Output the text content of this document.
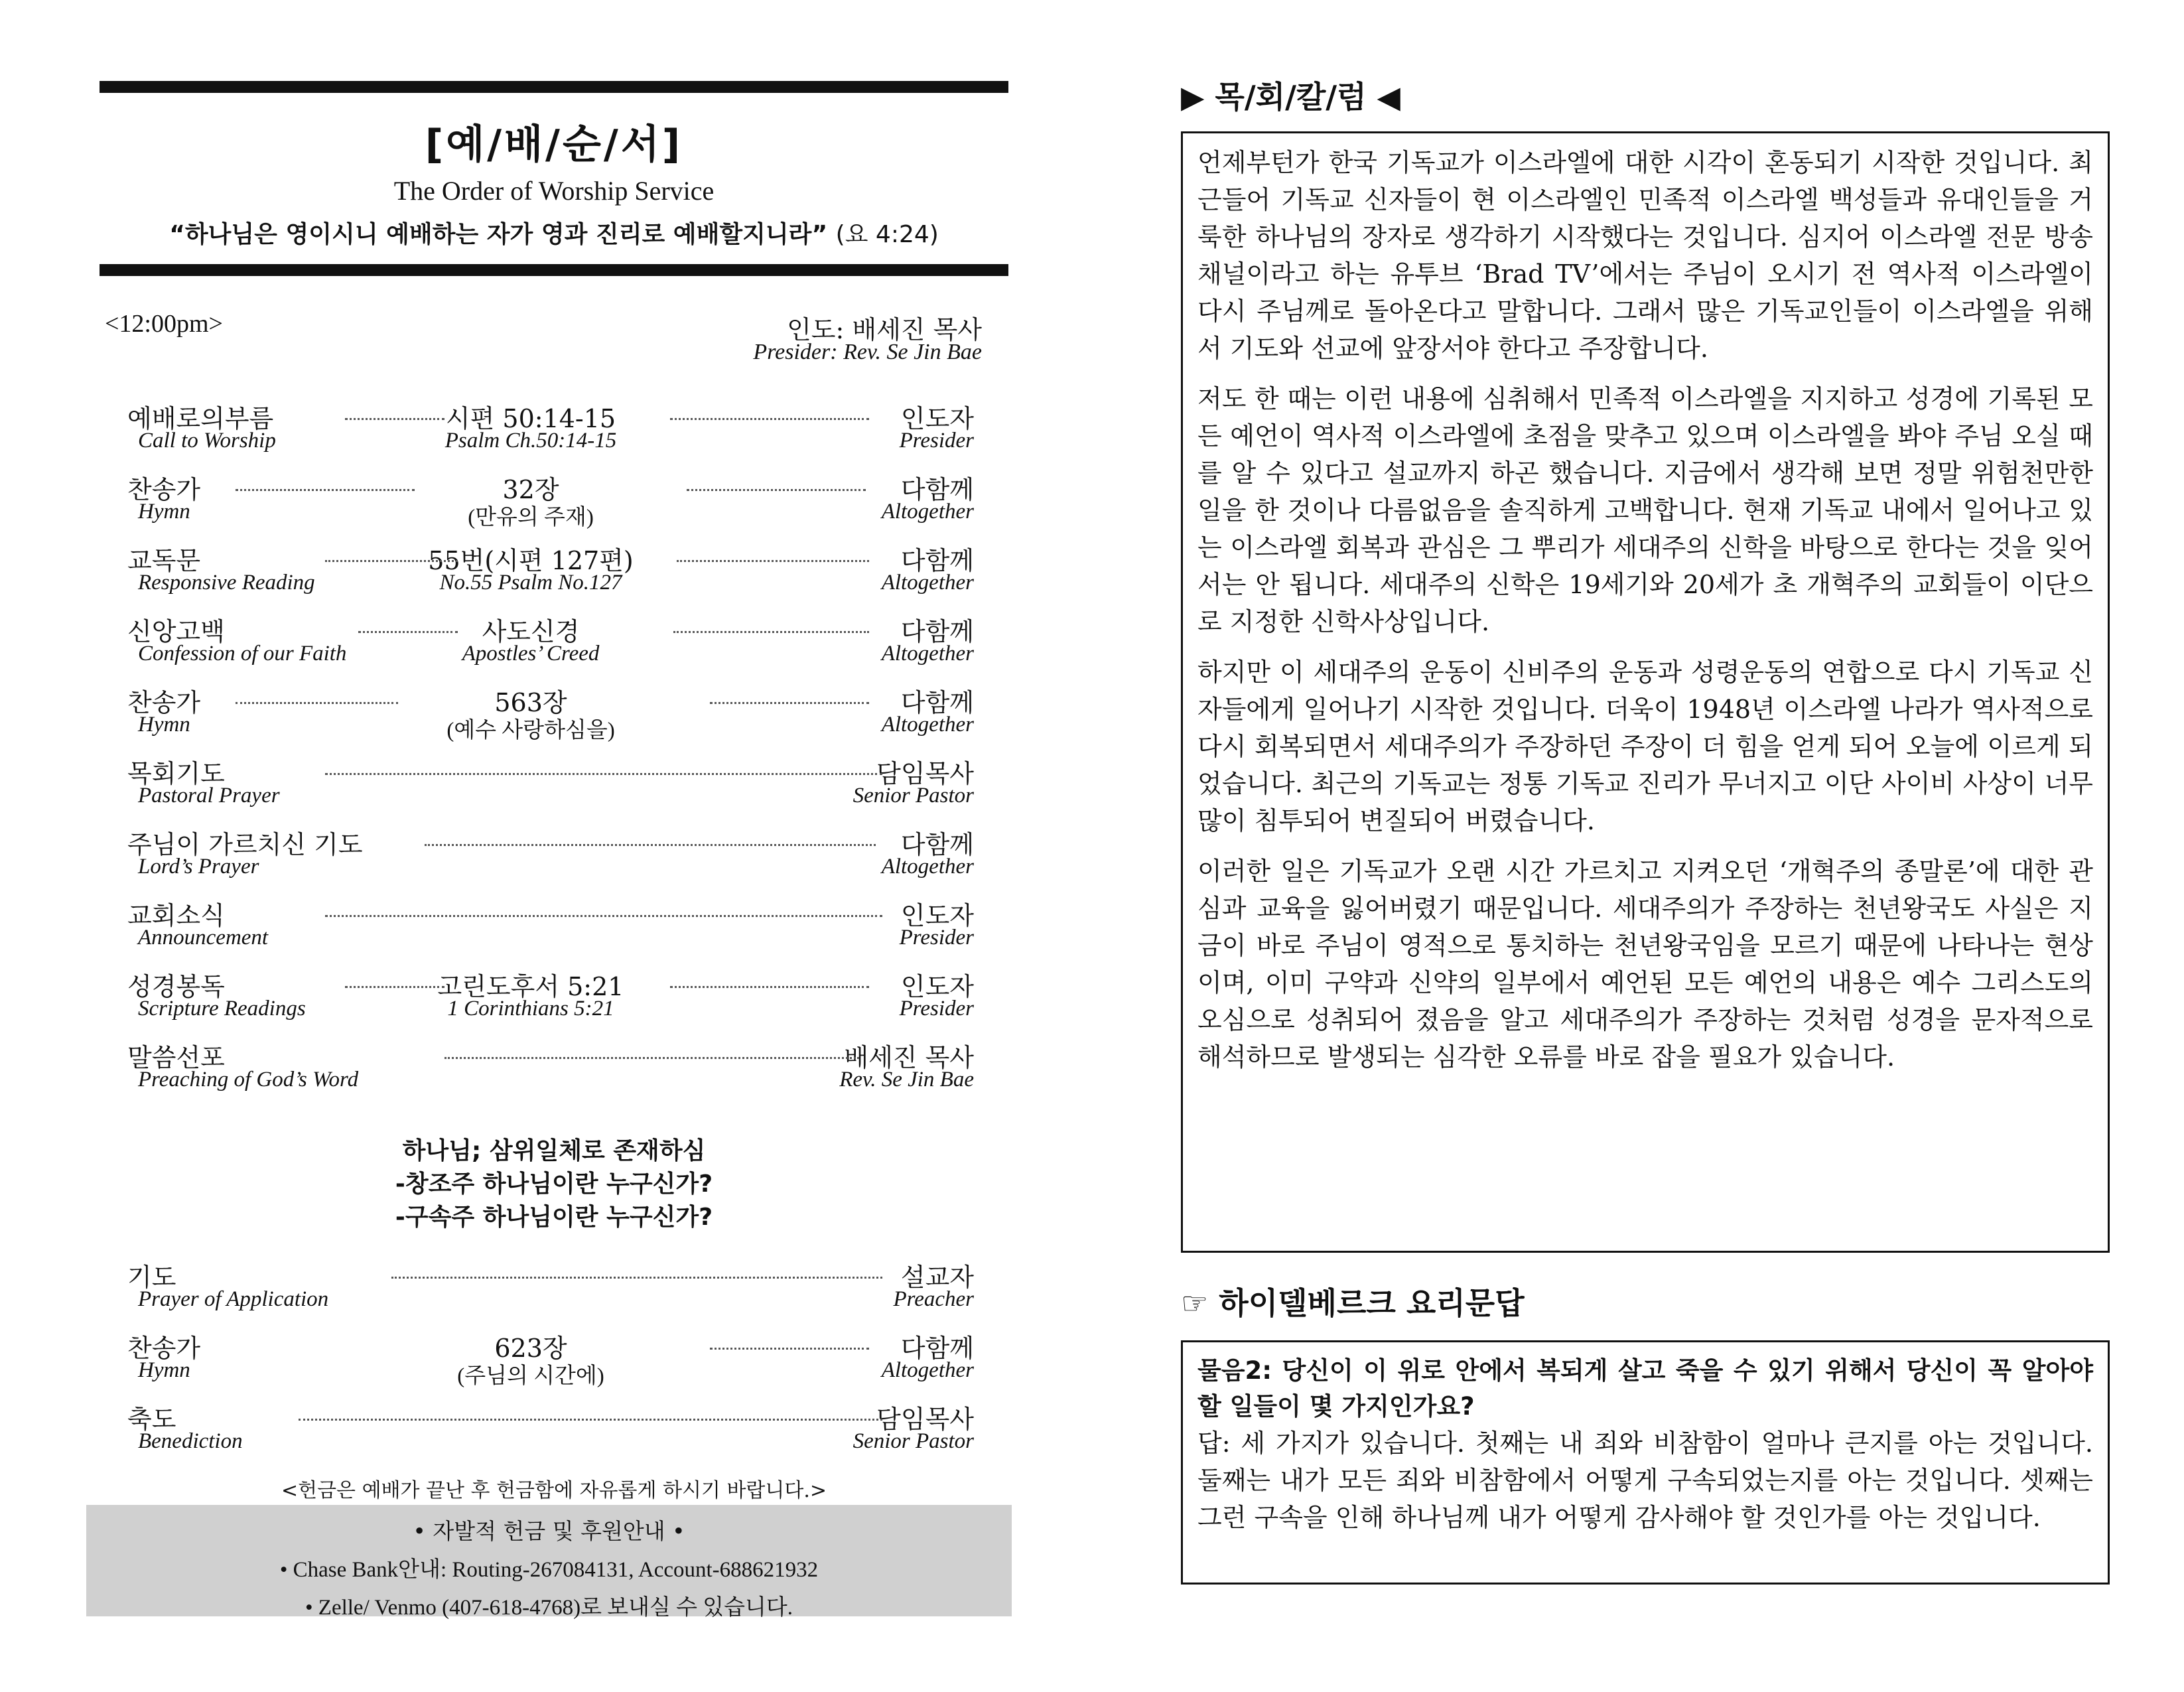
[예/배/순/서]
The Order of Worship Service
“하나님은 영이시니 예배하는 자가 영과 진리로 예배할지니라” (요 4:24)
<12:00pm>	인도: 배세진 목사
Presider: Rev. Se Jin Bae
예배로의부름
Call to Worship
시편 50:14-15
Psalm Ch.50:14-15
인도자
Presider
찬송가
Hymn
32장
(만유의 주재)
다함께
Altogether
교독문
Responsive Reading
55번(시편 127편)
No.55 Psalm No.127
다함께
Altogether
신앙고백
Confession of our Faith
사도신경
Apostles’ Creed
다함께
Altogether
찬송가
Hymn
563장
(예수 사랑하심을)
다함께
Altogether
목회기도
Pastoral Prayer
담임목사
Senior Pastor
주님이 가르치신 기도
Lord’s Prayer
다함께
Altogether
교회소식
Announcement
인도자
Presider
성경봉독
Scripture Readings
고린도후서 5:21
1 Corinthians 5:21
인도자
Presider
말씀선포
Preaching of God’s Word
배세진 목사
Rev. Se Jin Bae
하나님; 삼위일체로 존재하심
-창조주 하나님이란 누구신가?
-구속주 하나님이란 누구신가?
기도
Prayer of Application
설교자
Preacher
찬송가
Hymn
623장
(주님의 시간에)
다함께
Altogether
축도
Benediction
담임목사
Senior Pastor
<헌금은 예배가 끝난 후 헌금함에 자유롭게 하시기 바랍니다.>
• 자발적 헌금 및 후원안내 •
• Chase Bank안내: Routing-267084131, Account-688621932
• Zelle/ Venmo (407-618-4768)로 보내실 수 있습니다.
▶ 목/회/칼/럼 ◀

언제부턴가 한국 기독교가 이스라엘에 대한 시각이 혼동되기 시작한 것입니다. 최근들어 기독교 신자들이 현 이스라엘인 민족적 이스라엘 백성들과 유대인들을 거룩한 하나님의 장자로 생각하기 시작했다는 것입니다. 심지어 이스라엘 전문 방송채널이라고 하는 유투브 ‘Brad TV’에서는 주님이 오시기 전 역사적 이스라엘이 다시 주님께로 돌아온다고 말합니다. 그래서 많은 기독교인들이 이스라엘을 위해서 기도와 선교에 앞장서야 한다고 주장합니다.

저도 한 때는 이런 내용에 심취해서 민족적 이스라엘을 지지하고 성경에 기록된 모든 예언이 역사적 이스라엘에 초점을 맞추고 있으며 이스라엘을 봐야 주님 오실 때를 알 수 있다고 설교까지 하곤 했습니다. 지금에서 생각해 보면 정말 위험천만한 일을 한 것이나 다름없음을 솔직하게 고백합니다. 현재 기독교 내에서 일어나고 있는 이스라엘 회복과 관심은 그 뿌리가 세대주의 신학을 바탕으로 한다는 것을 잊어서는 안 됩니다. 세대주의 신학은 19세기와 20세가 초 개혁주의 교회들이 이단으로 지정한 신학사상입니다.

하지만 이 세대주의 운동이 신비주의 운동과 성령운동의 연합으로 다시 기독교 신자들에게 일어나기 시작한 것입니다. 더욱이 1948년 이스라엘 나라가 역사적으로 다시 회복되면서 세대주의가 주장하던 주장이 더 힘을 얻게 되어 오늘에 이르게 되었습니다. 최근의 기독교는 정통 기독교 진리가 무너지고 이단 사이비 사상이 너무 많이 침투되어 변질되어 버렸습니다.

이러한 일은 기독교가 오랜 시간 가르치고 지켜오던 ‘개혁주의 종말론’에 대한 관심과 교육을 잃어버렸기 때문입니다. 세대주의가 주장하는 천년왕국도 사실은 지금이 바로 주님이 영적으로 통치하는 천년왕국임을 모르기 때문에 나타나는 현상이며, 이미 구약과 신약의 일부에서 예언된 모든 예언의 내용은 예수 그리스도의 오심으로 성취되어 졌음을 알고 세대주의가 주장하는 것처럼 성경을 문자적으로 해석하므로 발생되는 심각한 오류를 바로 잡을 필요가 있습니다.

☞ 하이델베르크 요리문답
물음2: 당신이 이 위로 안에서 복되게 살고 죽을 수 있기 위해서 당신이 꼭 알아야 할 일들이 몇 가지인가요?
답: 세 가지가 있습니다. 첫째는 내 죄와 비참함이 얼마나 큰지를 아는 것입니다. 둘째는 내가 모든 죄와 비참함에서 어떻게 구속되었는지를 아는 것입니다. 셋째는 그런 구속을 인해 하나님께 내가 어떻게 감사해야 할 것인가를 아는 것입니다.
